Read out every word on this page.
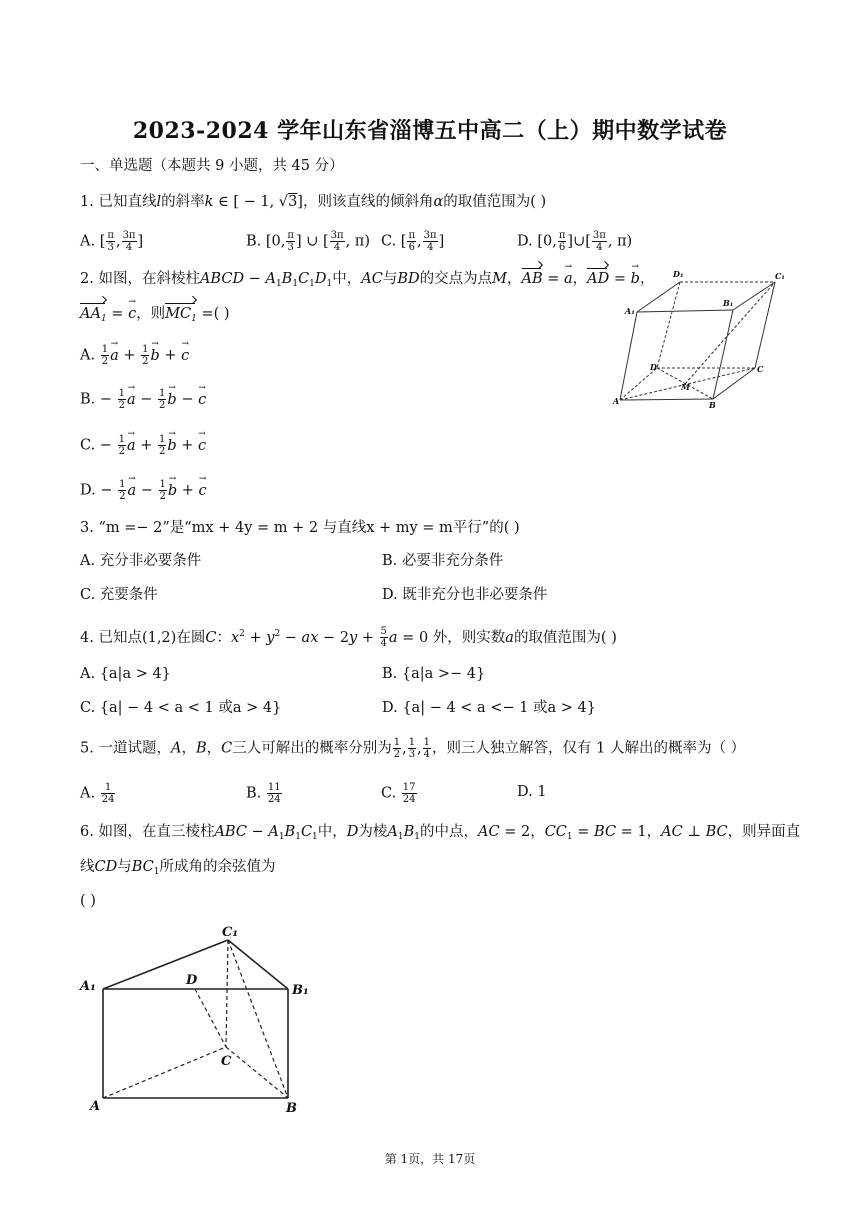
2023-2024 学年山东省淄博五中高二（上）期中数学试卷
一、单选题（本题共 9 小题，共 45 分）
1. 已知直线l的斜率k ∈ [ − 1, √3]，则该直线的倾斜角α的取值范围为( )
A. [ $\frac{\pi}{3}$ , $\frac{3\pi}{4}$ ]	B. [0, $\frac{\pi}{3}$ ] ∪ [ $\frac{3\pi}{4}$ , π) C. [ $\frac{\pi}{6}$ , $\frac{3\pi}{4}$ ]	D. [0, $\frac{\pi}{6}$ ]∪[ $\frac{3\pi}{4}$ , π)
2. 如图，在斜棱柱ABCD − $A_1B_1C_1D_1$中，AC与BD的交点为点M，AB = → a，AD = → b，
$AA_1$ = → c，则$MC_1$ =( )
A. $\frac{1}{2} \to a + \frac{1}{2} \to b$ + → c
B. − $\frac{1}{2} \to a - \frac{1}{2} \to b$ − → c
C. − $\frac{1}{2} \to a + \frac{1}{2} \to b$ + → c
D. − $\frac{1}{2} \to a - \frac{1}{2} \to b$ + → c
D₁	C₁
A₁
B₁
D	C
M
A	B
3. “m =− 2”是“mx + 4y = m + 2 与直线x + my = m平行”的( )
A. 充分非必要条件	B. 必要非充分条件
C. 充要条件	D. 既非充分也非必要条件
4. 已知点(1,2)在圆C：$x^2 + y^2$ − ax − $2y + \frac{5}{4}$ a = 0 外，则实数a的取值范围为( )
A. {a|a > 4}	B. {a|a >− 4}
C. {a| − 4 < a < 1 或a > 4}	D. {a| − 4 < a <− 1 或a > 4}
5. 一道试题，A，B，C三人可解出的概率分别为 $\frac{1}{2}$ , $\frac{1}{3}$ , $\frac{1}{4}$ ，则三人独立解答，仅有 1 人解出的概率为（ ）
A. $\frac{1}{24}$	B. $\frac{11}{24}$	C. $\frac{17}{24}$	D. 1
6. 如图，在直三棱柱ABC − $A_1B_1C_1$中，D为棱$A_1B_1$的中点，AC = 2，$CC_1$ = BC = 1，AC ⊥ BC，则异面直
线CD与$BC_1$所成角的余弦值为
( )
C₁
A₁	D
B₁
C
A	B
第 1页，共 17页
